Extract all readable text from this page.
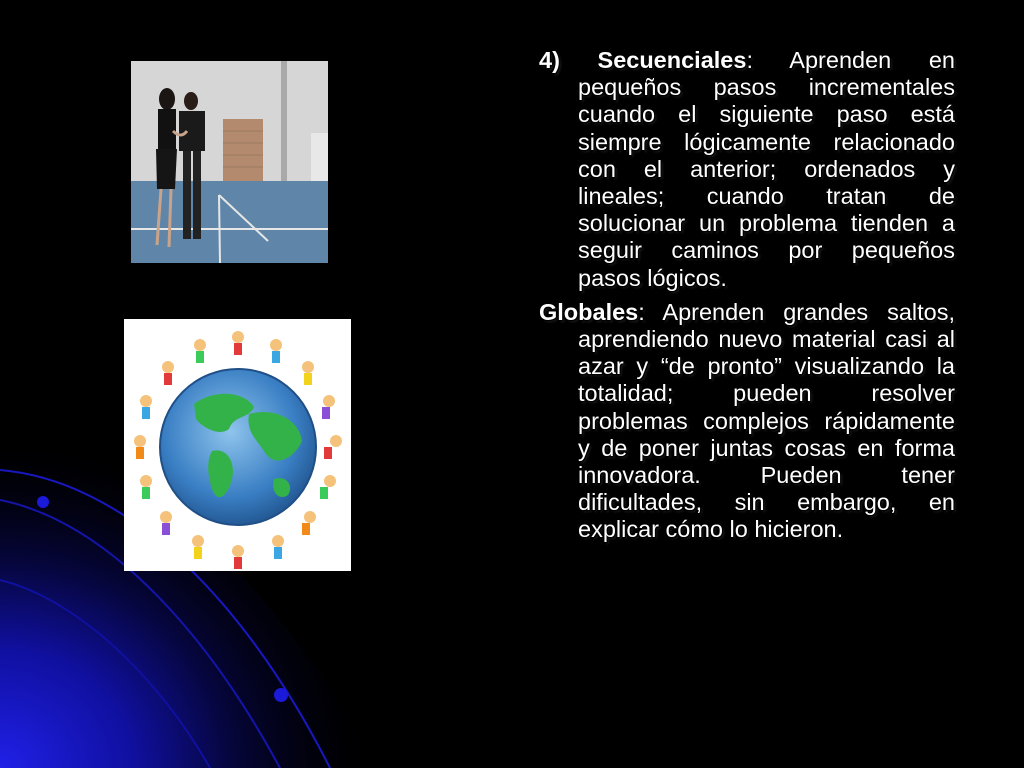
4) Secuenciales: Aprenden en pequeños pasos incrementales cuando el siguiente paso está siempre lógicamente relacionado con el anterior; ordenados y lineales; cuando tratan de solucionar un problema tienden a seguir caminos por pequeños pasos lógicos.

Globales: Aprenden grandes saltos, aprendiendo nuevo material casi al azar y “de pronto” visualizando la totalidad; pueden resolver problemas complejos rápidamente y de poner juntas cosas en forma innovadora. Pueden tener dificultades, sin embargo, en explicar cómo lo hicieron.
